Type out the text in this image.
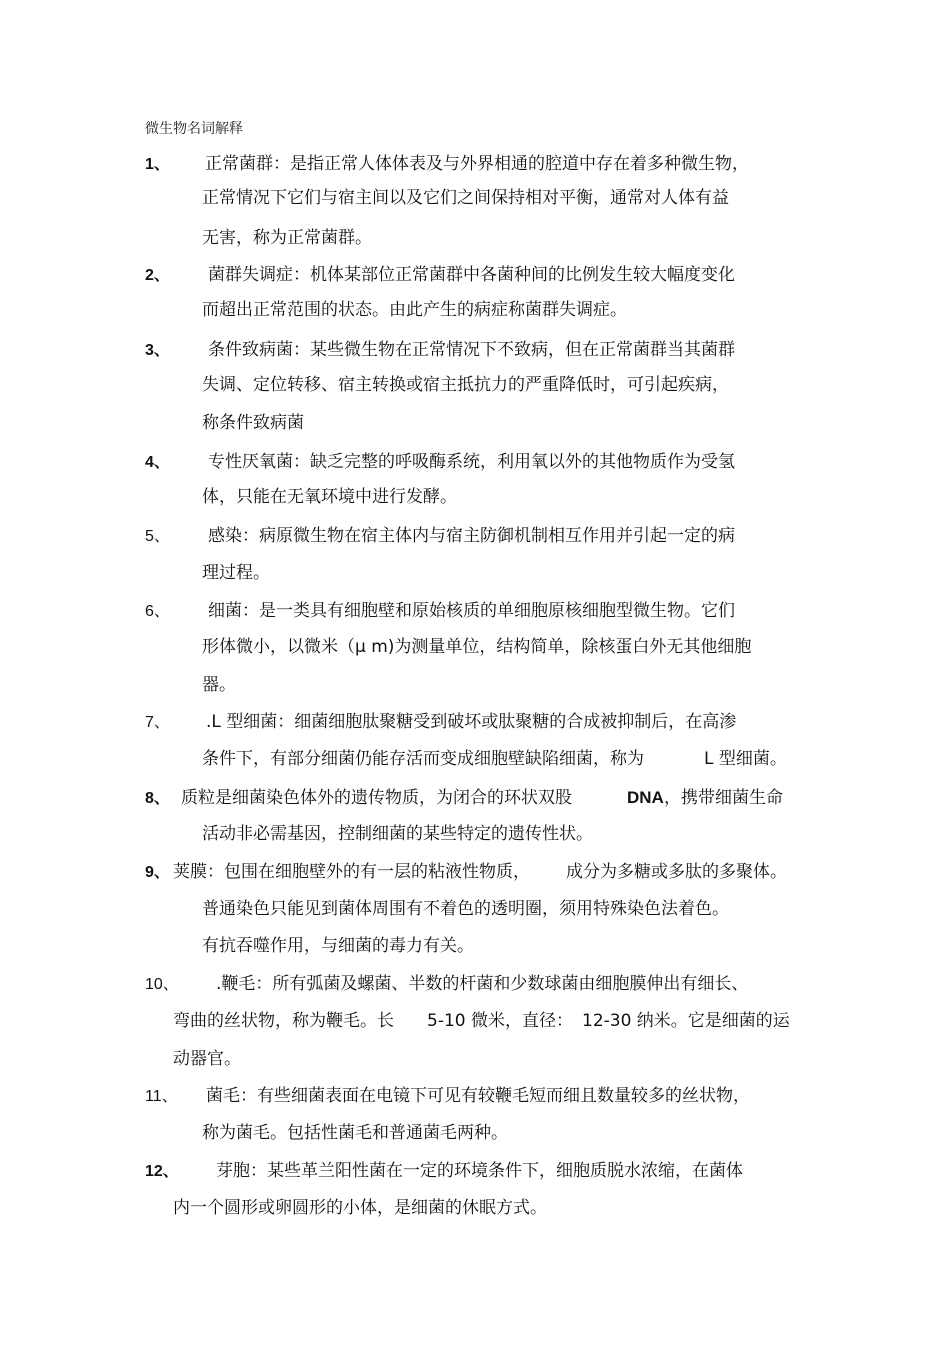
微生物名词解释
1、 正常菌群：是指正常人体体表及与外界相通的腔道中存在着多种微生物，
正常情况下它们与宿主间以及它们之间保持相对平衡，通常对人体有益
无害，称为正常菌群。
2、 菌群失调症：机体某部位正常菌群中各菌种间的比例发生较大幅度变化
而超出正常范围的状态。由此产生的病症称菌群失调症。
3、 条件致病菌：某些微生物在正常情况下不致病，但在正常菌群当其菌群
失调、定位转移、宿主转换或宿主抵抗力的严重降低时，可引起疾病，
称条件致病菌
4、 专性厌氧菌：缺乏完整的呼吸酶系统，利用氧以外的其他物质作为受氢
体，只能在无氧环境中进行发酵。
5、 感染：病原微生物在宿主体内与宿主防御机制相互作用并引起一定的病
理过程。
6、 细菌：是一类具有细胞壁和原始核质的单细胞原核细胞型微生物。它们
形体微小，以微米（μ m)为测量单位，结构简单，除核蛋白外无其他细胞
器。
7、 .L 型细菌：细菌细胞肽聚糖受到破坏或肽聚糖的合成被抑制后，在高渗
条件下，有部分细菌仍能存活而变成细胞壁缺陷细菌，称为	L 型细菌。
8、 质粒是细菌染色体外的遗传物质，为闭合的环状双股	DNA ，携带细菌生命
活动非必需基因，控制细菌的某些特定的遗传性状。
9、 荚膜：包围在细胞壁外的有一层的粘液性物质， 成分为多糖或多肽的多聚体。
普通染色只能见到菌体周围有不着色的透明圈，须用特殊染色法着色。
有抗吞噬作用，与细菌的毒力有关。
10、 .鞭毛：所有弧菌及螺菌、半数的杆菌和少数球菌由细胞膜伸出有细长、
弯曲的丝状物，称为鞭毛。长 5-10 微米，直径： 12-30 纳米。它是细菌的运
动器官。
11、 菌毛：有些细菌表面在电镜下可见有较鞭毛短而细且数量较多的丝状物，
称为菌毛。包括性菌毛和普通菌毛两种。
12、 芽胞：某些革兰阳性菌在一定的环境条件下，细胞质脱水浓缩，在菌体
内一个圆形或卵圆形的小体，是细菌的休眠方式。
